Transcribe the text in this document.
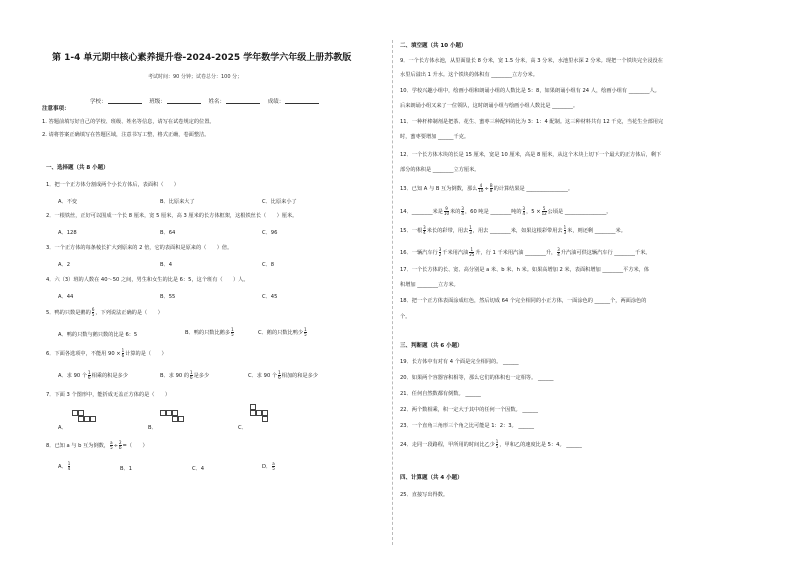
第 1-4 单元期中核心素养提升卷-2024-2025 学年数学六年级上册苏教版
考试时间：90 分钟；试卷总分：100 分；
学校：	班级：	姓名：	成绩：
注意事项：
1. 答题前填写好自己的学校、班级、姓名等信息，请写在试卷规定的位置。
2. 请将答案正确填写在答题区域，注意书写工整，格式正确，卷面整洁。
一、选择题（共 8 小题）
1．把一个正方体分割成两个小长方体后，表面积（　　）
A．不变	B．比原来大了	C．比原来小了
2．一根铁丝，正好可以围成一个长 8 厘米，宽 5 厘米，高 3 厘米的长方体框架，这根铁丝长（　　）厘米。
A．128	B．64	C．96
3．一个正方体的每条棱长扩大到原来的 2 倍，它的表面积是原来的（　　）倍。
A．2	B．4	C．8
4．六（3）班的人数在 40～50 之间，男生和女生的比是 6：5，这个班有（　　）人。
A．44	B．55	C．45
5．鸭的只数是鹅的 $\frac{6}{5}$ ，下列说法正确的是（　　）
A．鸭的只数与鹅只数的比是 6：5	B．鸭的只数比鹅多 $\frac{1}{5}$	C．鹅的只数比鸭少 $\frac{1}{5}$
6．下面各选项中，不能用 $90 \times \frac{1}{6}$ 计算的是（　　）
A．求 90 个 $\frac{1}{6}$ 相乘的积是多少	B．求 90 的 $\frac{1}{6}$ 是多少	C．求 90 个 $\frac{1}{6}$ 相加的和是多少
7．下面 3 个图形中，能折成无盖正方体的是（　　）
A．	B．	C．
8．已知 a 与 b 互为倒数， $\frac{a}{5} \div \frac{2}{b}$ =（　　）
A． $\frac{1}{4}$	B．1	C．4	D． $\frac{a}{5}$
二、填空题（共 10 小题）
9．一个长方体水池，从里面量长 8 分米，宽 1.5 分米，高 3 分米，水池里水深 2 分米。现把一个铁块完全浸没在
水里后溢出 1 升水。这个铁块的体积有 ________立方分米。
10．学校兴趣小组中，绘画小组和朗诵小组的人数比是 5：8，如果朗诵小组有 24 人，绘画小组有 ________人。
后来朗诵小组又来了一位领队，这时朗诵小组与绘画小组人数比是 ________。
11．一种杆棒制剂是把茶、花生、蜜枣三种配料的比为 3：1：4 配制。这三种材料共有 12 千克，当花生全部用完
时，蜜枣要增加 ______千克。
12．一个长方体木块的长是 15 厘米，宽是 10 厘米，高是 8 厘米，从这个木块上切下一个最大的正方体后，剩下
部分的体积是 ________立方厘米。
13．已知 A 与 B 互为倒数，那么 $\frac{4}{10} \div \frac{B}{8}$ 的计算结果是 ________________。
14．________米是 $\frac{9}{10}$ 米的 $\frac{3}{4}$ ，60 吨是 ________吨的 $\frac{3}{4}$ ，$5 \times \frac{5}{12}$ 公顷是 ________________。
15．一根 $\frac{3}{4}$ 米长的彩带，用去 $\frac{1}{3}$ ，用去 ________米，如果这根彩带用去 $\frac{1}{3}$ 米，则还剩 ________米。
16．一辆汽车行 $\frac{3}{2}$ 千米用汽油 $\frac{1}{25}$ 升，行 1 千米用汽油 ________升， $\frac{3}{4}$ 升汽油可供这辆汽车行 ________千米。
17．一个长方体的长、宽、高分别是 a 米、b 米、h 米。如果高增加 2 米，表面积增加 ________平方米，体
积增加 ________立方米。
18．把一个正方体表面涂成红色，然后切成 64 个完全相同的小正方体，一面涂色的 ______个，两面涂色的
个。
三、判断题（共 6 小题）
19．长方体中有对有 4 个面是完全相同的。 ______
20．如果两个容器容积相等，那么它们的体积也一定相等。 ______
21．任何自然数都有倒数。 ______
22．两个数相乘，积一定大于其中的任何一个因数。 ______
23．一个直角三角形三个角之比可能是 1：2：3。 ______
24．走同一段路程，甲所用的时间比乙少 $\frac{1}{5}$ ，甲和乙的速度比是 5：4。 ______
四、计算题（共 4 小题）
25．直接写出得数。
